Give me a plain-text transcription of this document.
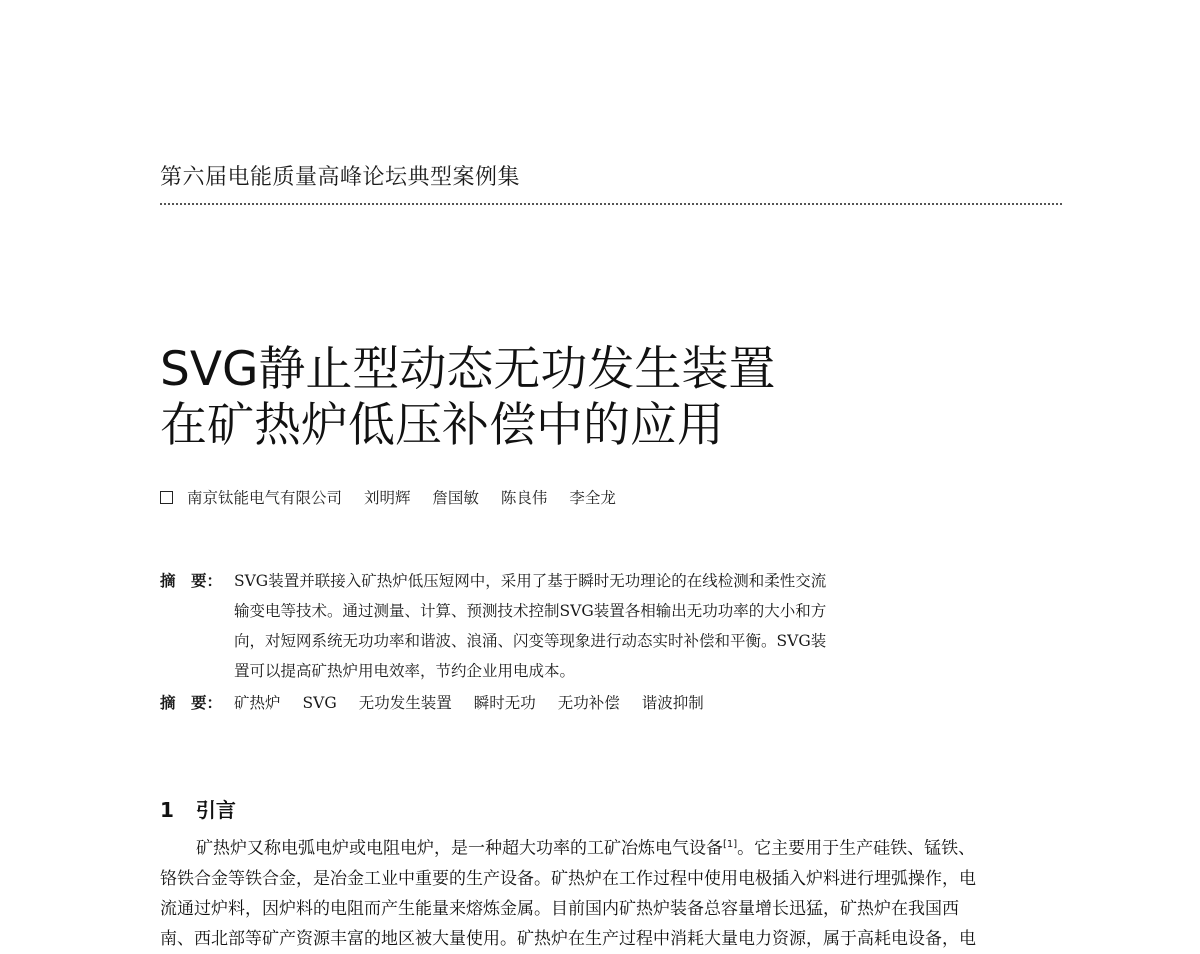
第六届电能质量高峰论坛典型案例集
SVG静止型动态无功发生装置
在矿热炉低压补偿中的应用
南京钛能电气有限公司 刘明辉 詹国敏 陈良伟 李全龙
摘　要： SVG装置并联接入矿热炉低压短网中，采用了基于瞬时无功理论的在线检测和柔性交流
输变电等技术。通过测量、计算、预测技术控制SVG装置各相输出无功功率的大小和方
向，对短网系统无功功率和谐波、浪涌、闪变等现象进行动态实时补偿和平衡。SVG装
置可以提高矿热炉用电效率，节约企业用电成本。
摘　要： 矿热炉 SVG 无功发生装置 瞬时无功 无功补偿 谐波抑制
1 引言
矿热炉又称电弧电炉或电阻电炉，是一种超大功率的工矿冶炼电气设备[1]。它主要用于生产硅铁、锰铁、
铬铁合金等铁合金，是冶金工业中重要的生产设备。矿热炉在工作过程中使用电极插入炉料进行埋弧操作，电
流通过炉料，因炉料的电阻而产生能量来熔炼金属。目前国内矿热炉装备总容量增长迅猛，矿热炉在我国西
南、西北部等矿产资源丰富的地区被大量使用。矿热炉在生产过程中消耗大量电力资源，属于高耗电设备，电
